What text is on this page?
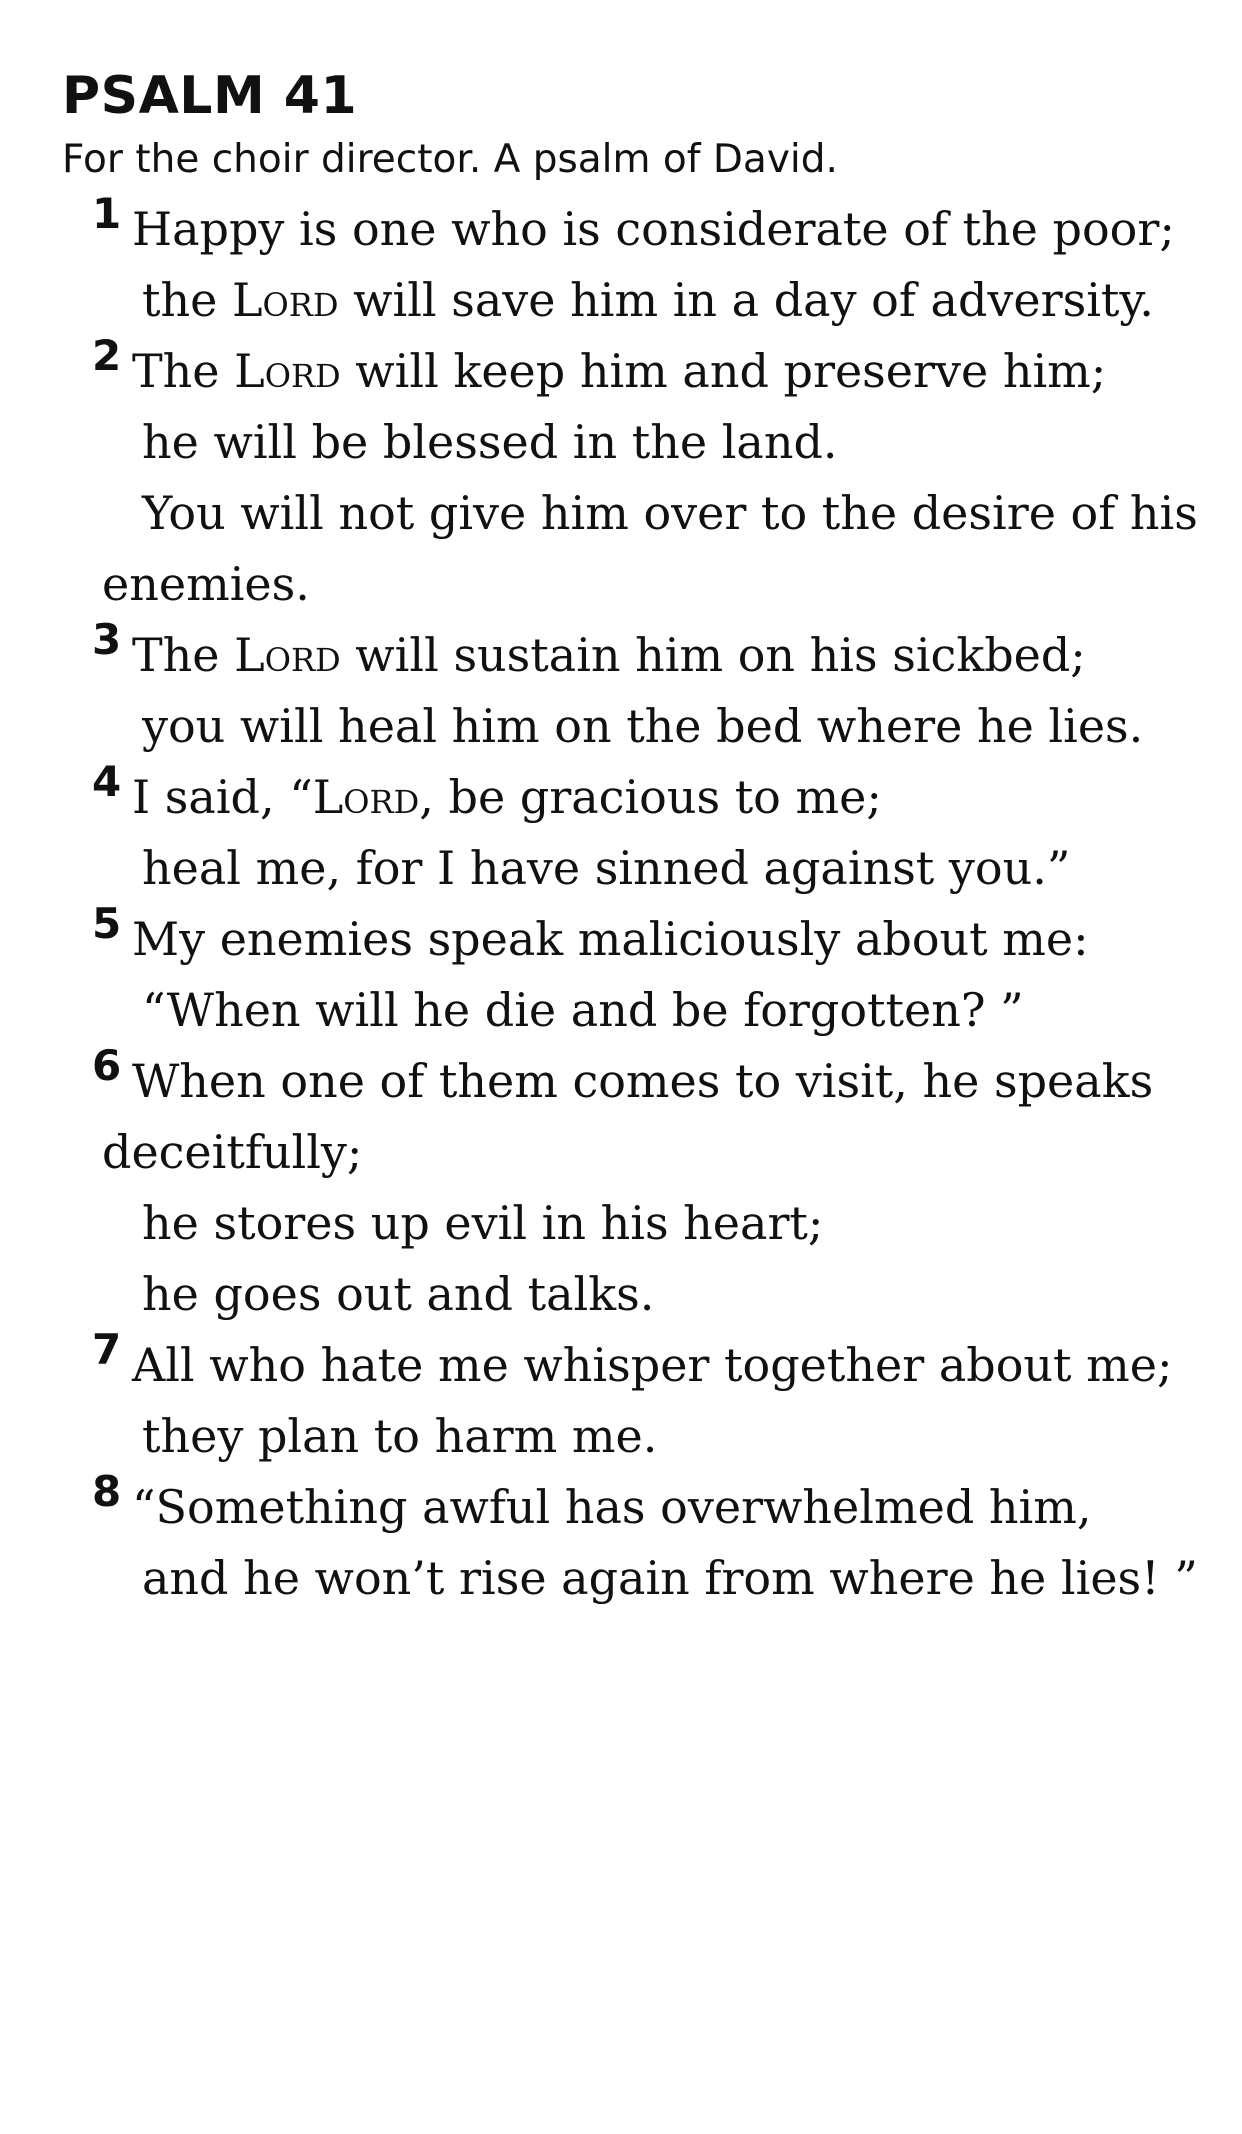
PSALM 41

For the choir director. A psalm of David.

1 Happy is one who is considerate of the poor;

the Lord will save him in a day of adversity.

2 The Lord will keep him and preserve him;

he will be blessed in the land.

You will not give him over to the desire of his enemies.

3 The Lord will sustain him on his sickbed;

you will heal him on the bed where he lies.

4 I said, “Lord, be gracious to me;

heal me, for I have sinned against you.”

5 My enemies speak maliciously about me:

“When will he die and be forgotten? ”

6 When one of them comes to visit, he speaks deceitfully;

he stores up evil in his heart;

he goes out and talks.

7 All who hate me whisper together about me;

they plan to harm me.

8 “Something awful has overwhelmed him,

and he won’t rise again from where he lies! ”
